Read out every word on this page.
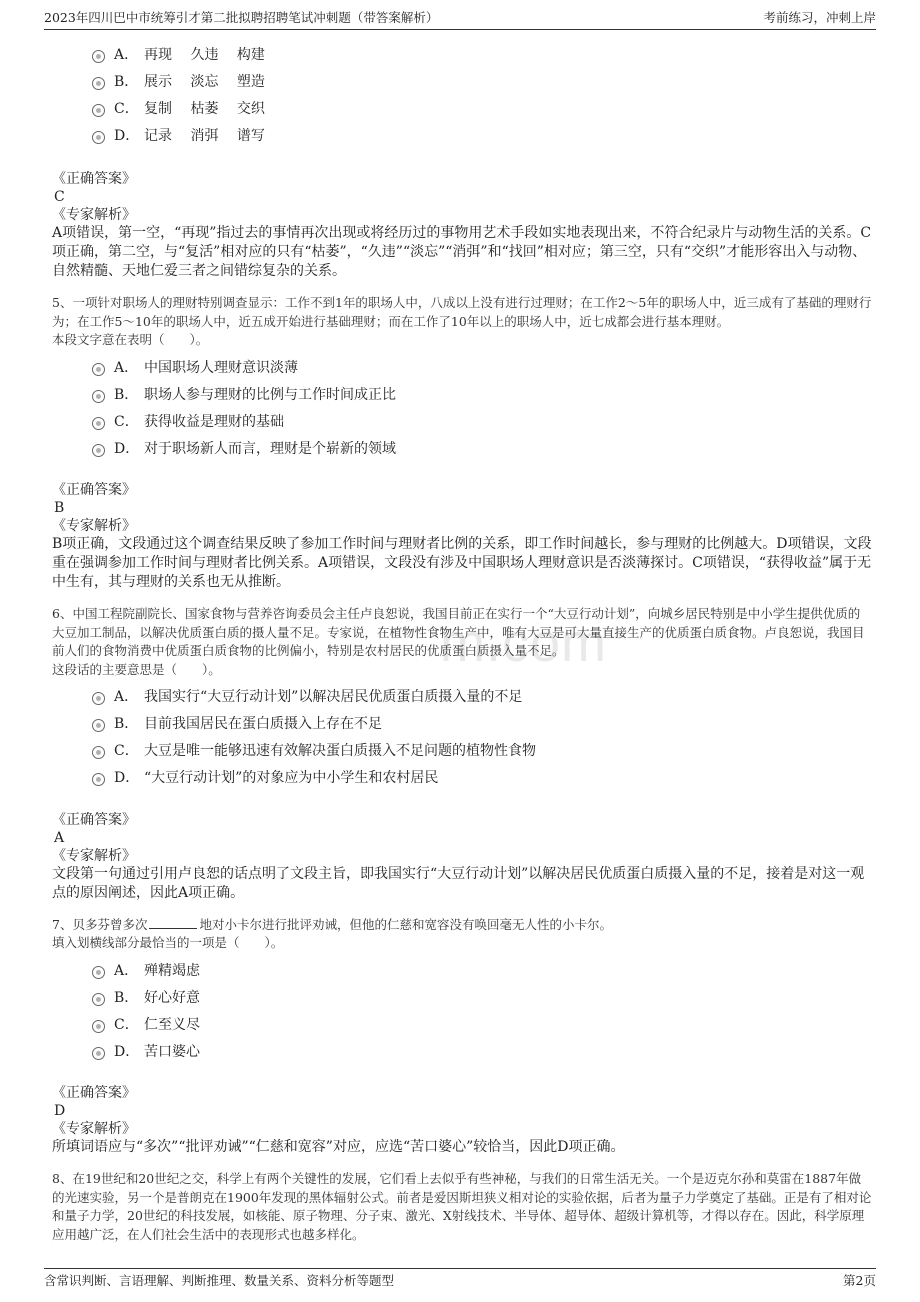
2023年四川巴中市统筹引才第二批拟聘招聘笔试冲刺题（带答案解析）	考前练习，冲刺上岸
m.com
A． 再现　 久违　 构建
B． 展示　 淡忘　 塑造
C． 复制　 枯萎　 交织
D． 记录　 消弭　 谱写
《正确答案》
C
《专家解析》
A项错误，第一空，“再现”指过去的事情再次出现或将经历过的事物用艺术手段如实地表现出来，不符合纪录片与动物生活的关系。C项正确，第二空，与“复活”相对应的只有“枯萎”，“久违”“淡忘”“消弭”和“找回”相对应；第三空，只有“交织”才能形容出入与动物、自然精髓、天地仁爱三者之间错综复杂的关系。
5、一项针对职场人的理财特别调查显示：工作不到1年的职场人中，八成以上没有进行过理财；在工作2～5年的职场人中，近三成有了基础的理财行为；在工作5～10年的职场人中，近五成开始进行基础理财；而在工作了10年以上的职场人中，近七成都会进行基本理财。
本段文字意在表明（　　）。
A． 中国职场人理财意识淡薄
B． 职场人参与理财的比例与工作时间成正比
C． 获得收益是理财的基础
D． 对于职场新人而言，理财是个崭新的领域
《正确答案》
B
《专家解析》
B项正确，文段通过这个调查结果反映了参加工作时间与理财者比例的关系，即工作时间越长，参与理财的比例越大。D项错误，文段重在强调参加工作时间与理财者比例关系。A项错误，文段没有涉及中国职场人理财意识是否淡薄探讨。C项错误，“获得收益”属于无中生有，其与理财的关系也无从推断。
6、中国工程院副院长、国家食物与营养咨询委员会主任卢良恕说，我国目前正在实行一个“大豆行动计划”，向城乡居民特别是中小学生提供优质的大豆加工制品，以解决优质蛋白质的摄人量不足。专家说，在植物性食物生产中，唯有大豆是可大量直接生产的优质蛋白质食物。卢良恕说，我国目前人们的食物消费中优质蛋白质食物的比例偏小，特别是农村居民的优质蛋白质摄入量不足。
这段话的主要意思是（　　）。
A． 我国实行“大豆行动计划”以解决居民优质蛋白质摄入量的不足
B． 目前我国居民在蛋白质摄入上存在不足
C． 大豆是唯一能够迅速有效解决蛋白质摄入不足问题的植物性食物
D． “大豆行动计划”的对象应为中小学生和农村居民
《正确答案》
A
《专家解析》
文段第一句通过引用卢良恕的话点明了文段主旨，即我国实行“大豆行动计划”以解决居民优质蛋白质摄入量的不足，接着是对这一观点的原因阐述，因此A项正确。
7、贝多芬曾多次	地对小卡尔进行批评劝诫，但他的仁慈和宽容没有唤回毫无人性的小卡尔。
填入划横线部分最恰当的一项是（　　）。
A． 殚精竭虑
B． 好心好意
C． 仁至义尽
D． 苦口婆心
《正确答案》
D
《专家解析》
所填词语应与“多次”“批评劝诫”“仁慈和宽容”对应，应选“苦口婆心”较恰当，因此D项正确。
8、在19世纪和20世纪之交，科学上有两个关键性的发展，它们看上去似乎有些神秘，与我们的日常生活无关。一个是迈克尔孙和莫雷在1887年做的光速实验，另一个是普朗克在1900年发现的黑体辐射公式。前者是爱因斯坦狭义相对论的实验依据，后者为量子力学奠定了基础。正是有了相对论和量子力学，20世纪的科技发展，如核能、原子物理、分子束、激光、X射线技术、半导体、超导体、超级计算机等，才得以存在。因此，科学原理应用越广泛，在人们社会生活中的表现形式也越多样化。
含常识判断、言语理解、判断推理、数量关系、资料分析等题型	第2页
